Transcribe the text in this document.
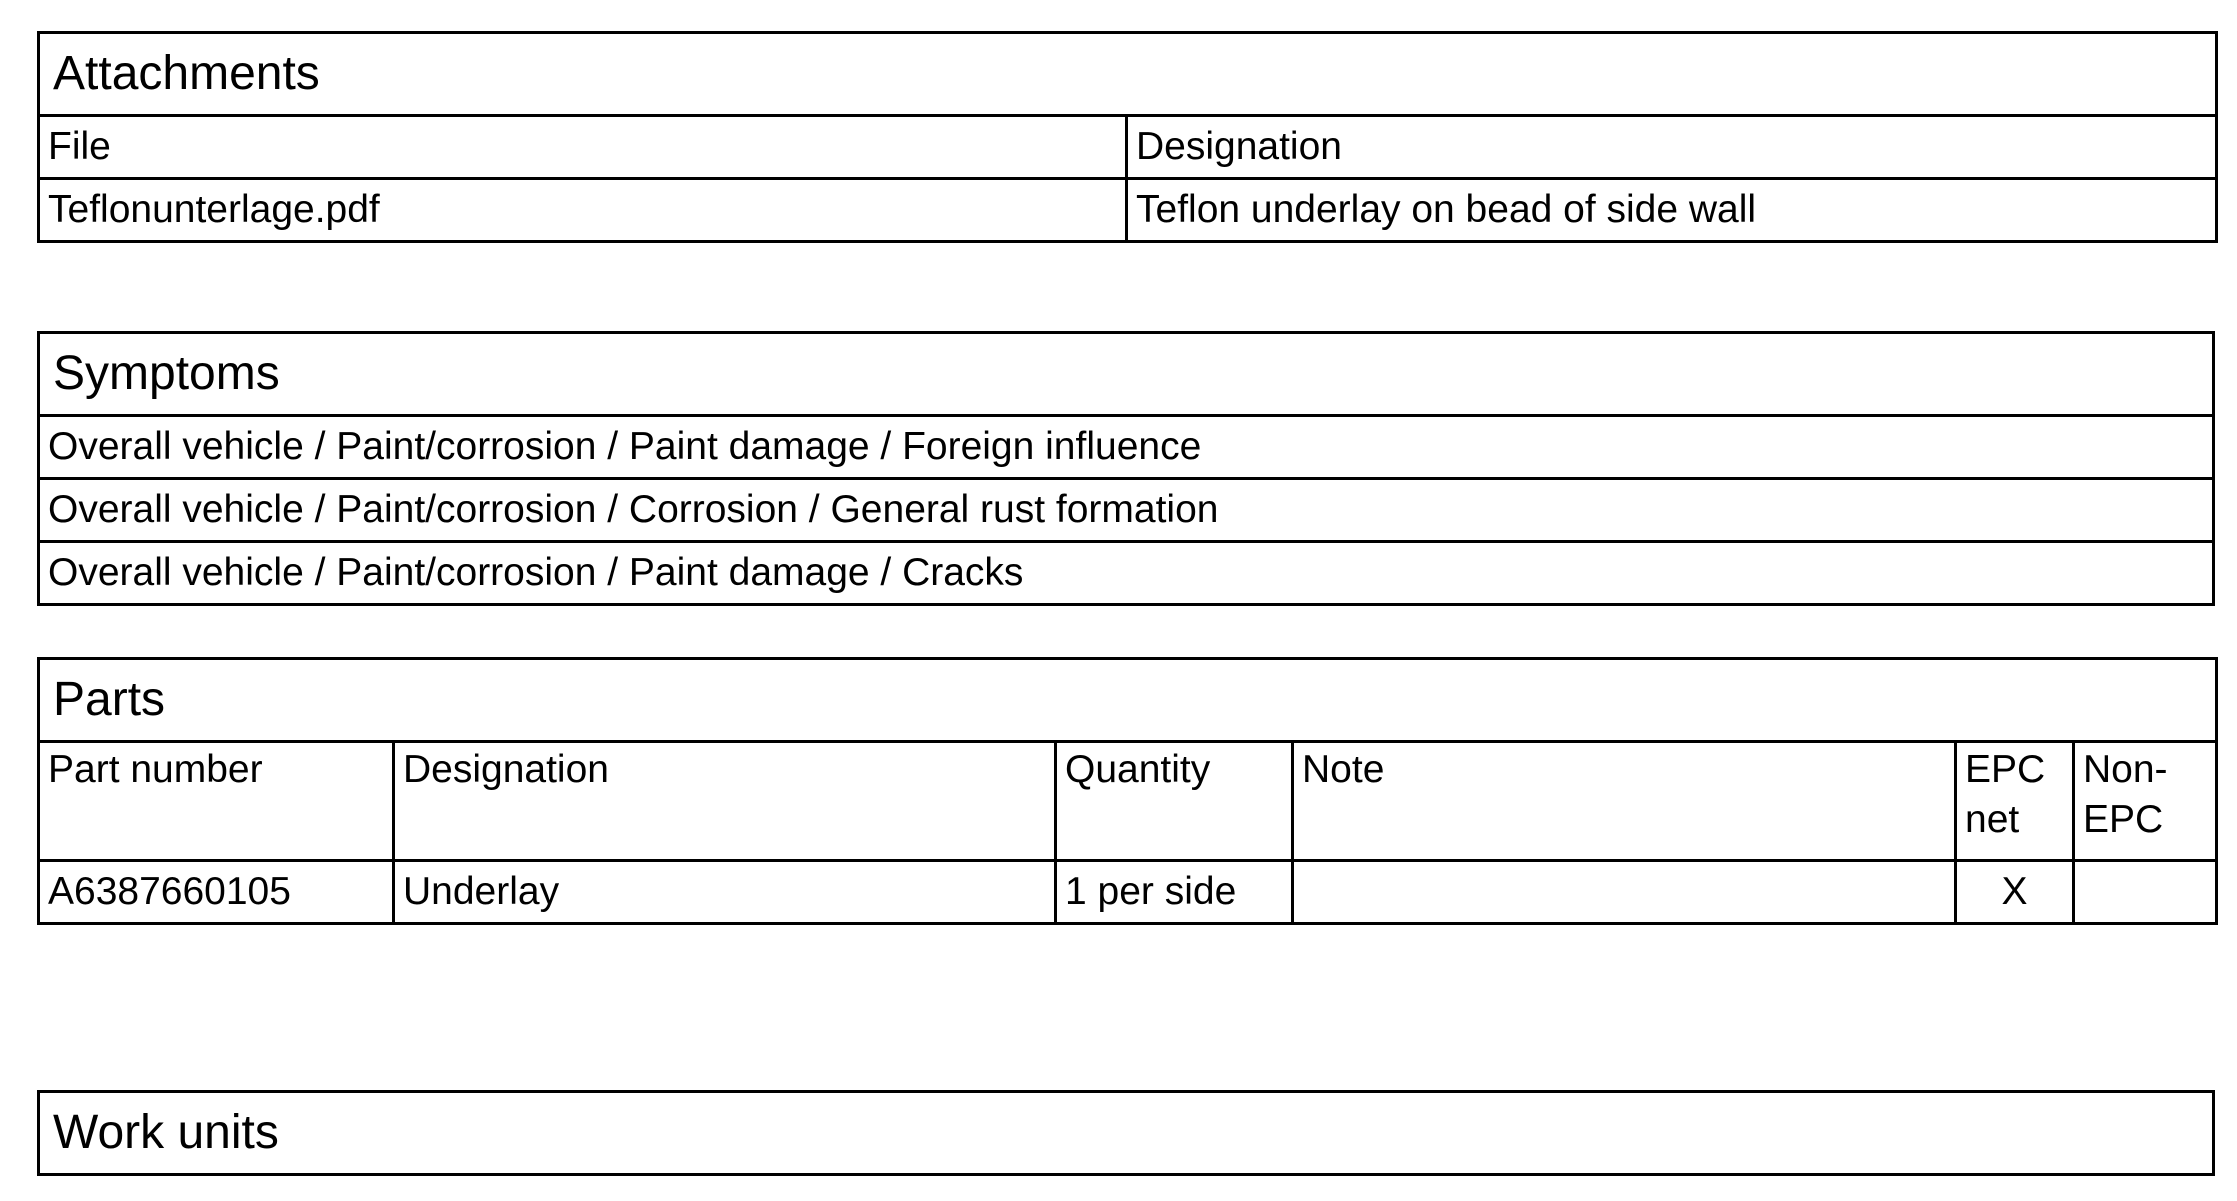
Attachments	
File	Designation
Teflonunterlage.pdf	Teflon underlay on bead of side wall
Symptoms
Overall vehicle / Paint/corrosion / Paint damage / Foreign influence
Overall vehicle / Paint/corrosion / Corrosion / General rust formation
Overall vehicle / Paint/corrosion / Paint damage / Cracks
Parts					
Part number	Designation	Quantity	Note	EPC net	Non-EPC
A6387660105	Underlay	1 per side		X	
Work units
